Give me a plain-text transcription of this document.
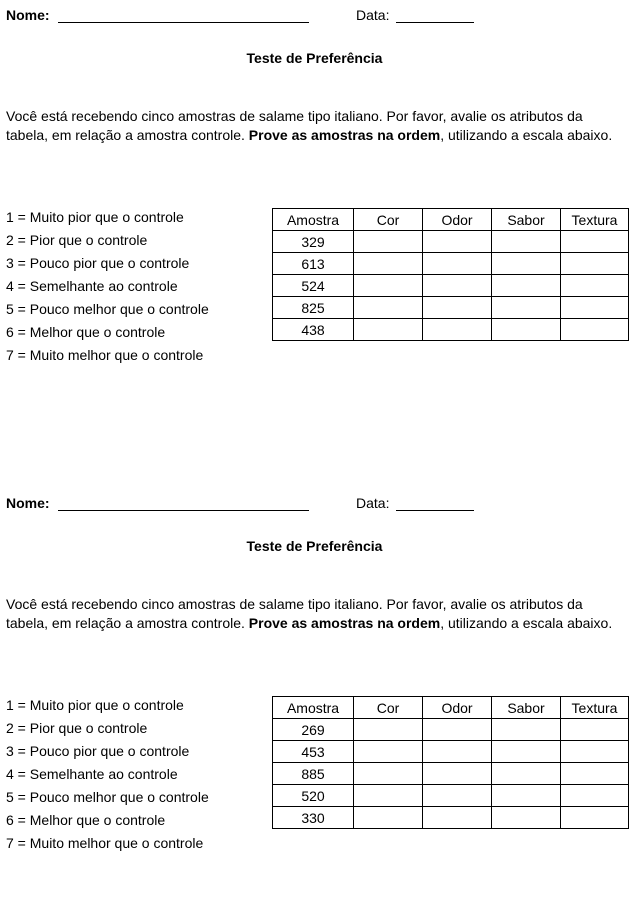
Nome:	Data:
Teste de Preferência

Você está recebendo cinco amostras de salame tipo italiano. Por favor, avalie os atributos da tabela, em relação a amostra controle. Prove as amostras na ordem, utilizando a escala abaixo.

1 = Muito pior que o controle
2 = Pior que o controle
3 = Pouco pior que o controle
4 = Semelhante ao controle
5 = Pouco melhor que o controle
6 = Melhor que o controle
7 = Muito melhor que o controle
Amostra	Cor	Odor	Sabor	Textura
329				
613				
524				
825				
438				
Nome:	Data:
Teste de Preferência

Você está recebendo cinco amostras de salame tipo italiano. Por favor, avalie os atributos da tabela, em relação a amostra controle. Prove as amostras na ordem, utilizando a escala abaixo.

1 = Muito pior que o controle
2 = Pior que o controle
3 = Pouco pior que o controle
4 = Semelhante ao controle
5 = Pouco melhor que o controle
6 = Melhor que o controle
7 = Muito melhor que o controle
Amostra	Cor	Odor	Sabor	Textura
269				
453				
885				
520				
330				
